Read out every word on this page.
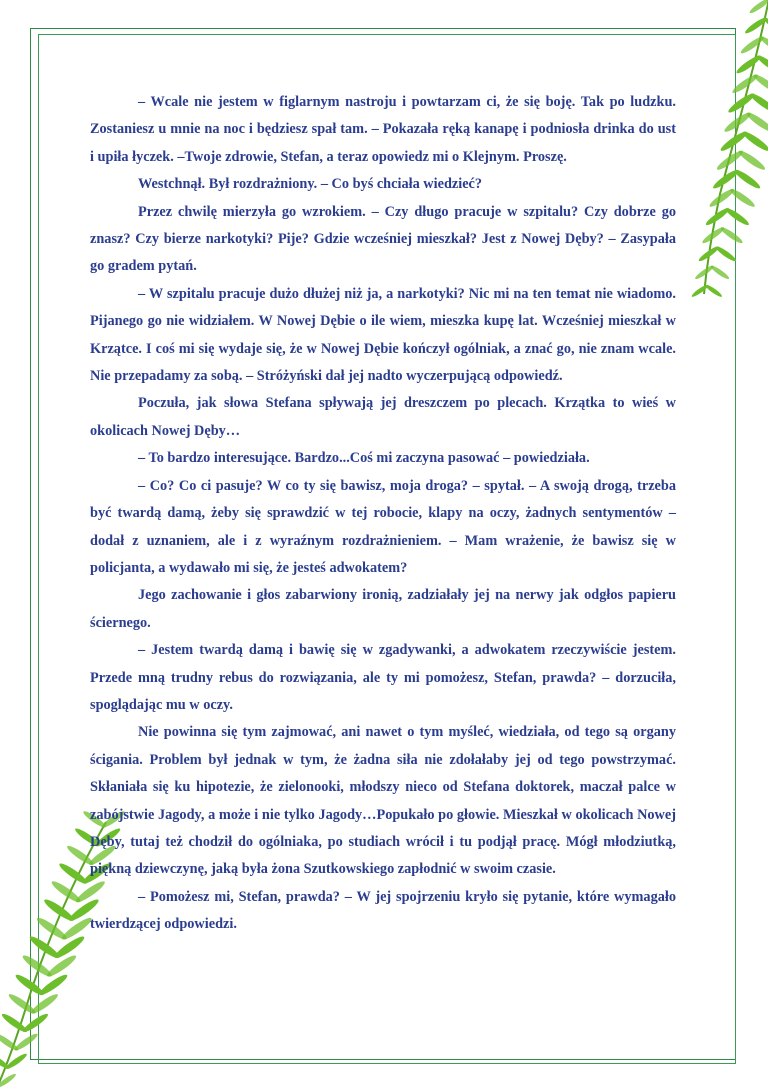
– Wcale nie jestem w figlarnym nastroju i powtarzam ci, że się boję. Tak po ludzku. Zostaniesz u mnie na noc i będziesz spał tam. – Pokazała ręką kanapę i podniosła drinka do ust i upiła łyczek. –Twoje zdrowie, Stefan, a teraz opowiedz mi o Klejnym. Proszę.

Westchnął. Był rozdrażniony. – Co byś chciała wiedzieć?

Przez chwilę mierzyła go wzrokiem. – Czy długo pracuje w szpitalu? Czy dobrze go znasz? Czy bierze narkotyki? Pije? Gdzie wcześniej mieszkał? Jest z Nowej Dęby? – Zasypała go gradem pytań.

– W szpitalu pracuje dużo dłużej niż ja, a narkotyki? Nic mi na ten temat nie wiadomo. Pijanego go nie widziałem. W Nowej Dębie o ile wiem, mieszka kupę lat. Wcześniej mieszkał w Krzątce. I coś mi się wydaje się, że w Nowej Dębie kończył ogólniak, a znać go, nie znam wcale. Nie przepadamy za sobą. – Stróżyński dał jej nadto wyczerpującą odpowiedź.

Poczuła, jak słowa Stefana spływają jej dreszczem po plecach. Krzątka to wieś w okolicach Nowej Dęby…

– To bardzo interesujące. Bardzo...Coś mi zaczyna pasować – powiedziała.

– Co? Co ci pasuje? W co ty się bawisz, moja droga? – spytał. – A swoją drogą, trzeba być twardą damą, żeby się sprawdzić w tej robocie, klapy na oczy, żadnych sentymentów – dodał z uznaniem, ale i z wyraźnym rozdrażnieniem. – Mam wrażenie, że bawisz się w policjanta, a wydawało mi się, że jesteś adwokatem?

Jego zachowanie i głos zabarwiony ironią, zadziałały jej na nerwy jak odgłos papieru ściernego.

– Jestem twardą damą i bawię się w zgadywanki, a adwokatem rzeczywiście jestem. Przede mną trudny rebus do rozwiązania, ale ty mi pomożesz, Stefan, prawda? – dorzuciła, spoglądając mu w oczy.

Nie powinna się tym zajmować, ani nawet o tym myśleć, wiedziała, od tego są organy ścigania. Problem był jednak w tym, że żadna siła nie zdołałaby jej od tego powstrzymać. Skłaniała się ku hipotezie, że zielonooki, młodszy nieco od Stefana doktorek, maczał palce w zabójstwie Jagody, a może i nie tylko Jagody…Popukało po głowie. Mieszkał w okolicach Nowej Dęby, tutaj też chodził do ogólniaka, po studiach wrócił i tu podjął pracę. Mógł młodziutką, piękną dziewczynę, jaką była żona Szutkowskiego zapłodnić w swoim czasie.

– Pomożesz mi, Stefan, prawda? – W jej spojrzeniu kryło się pytanie, które wymagało twierdzącej odpowiedzi.
